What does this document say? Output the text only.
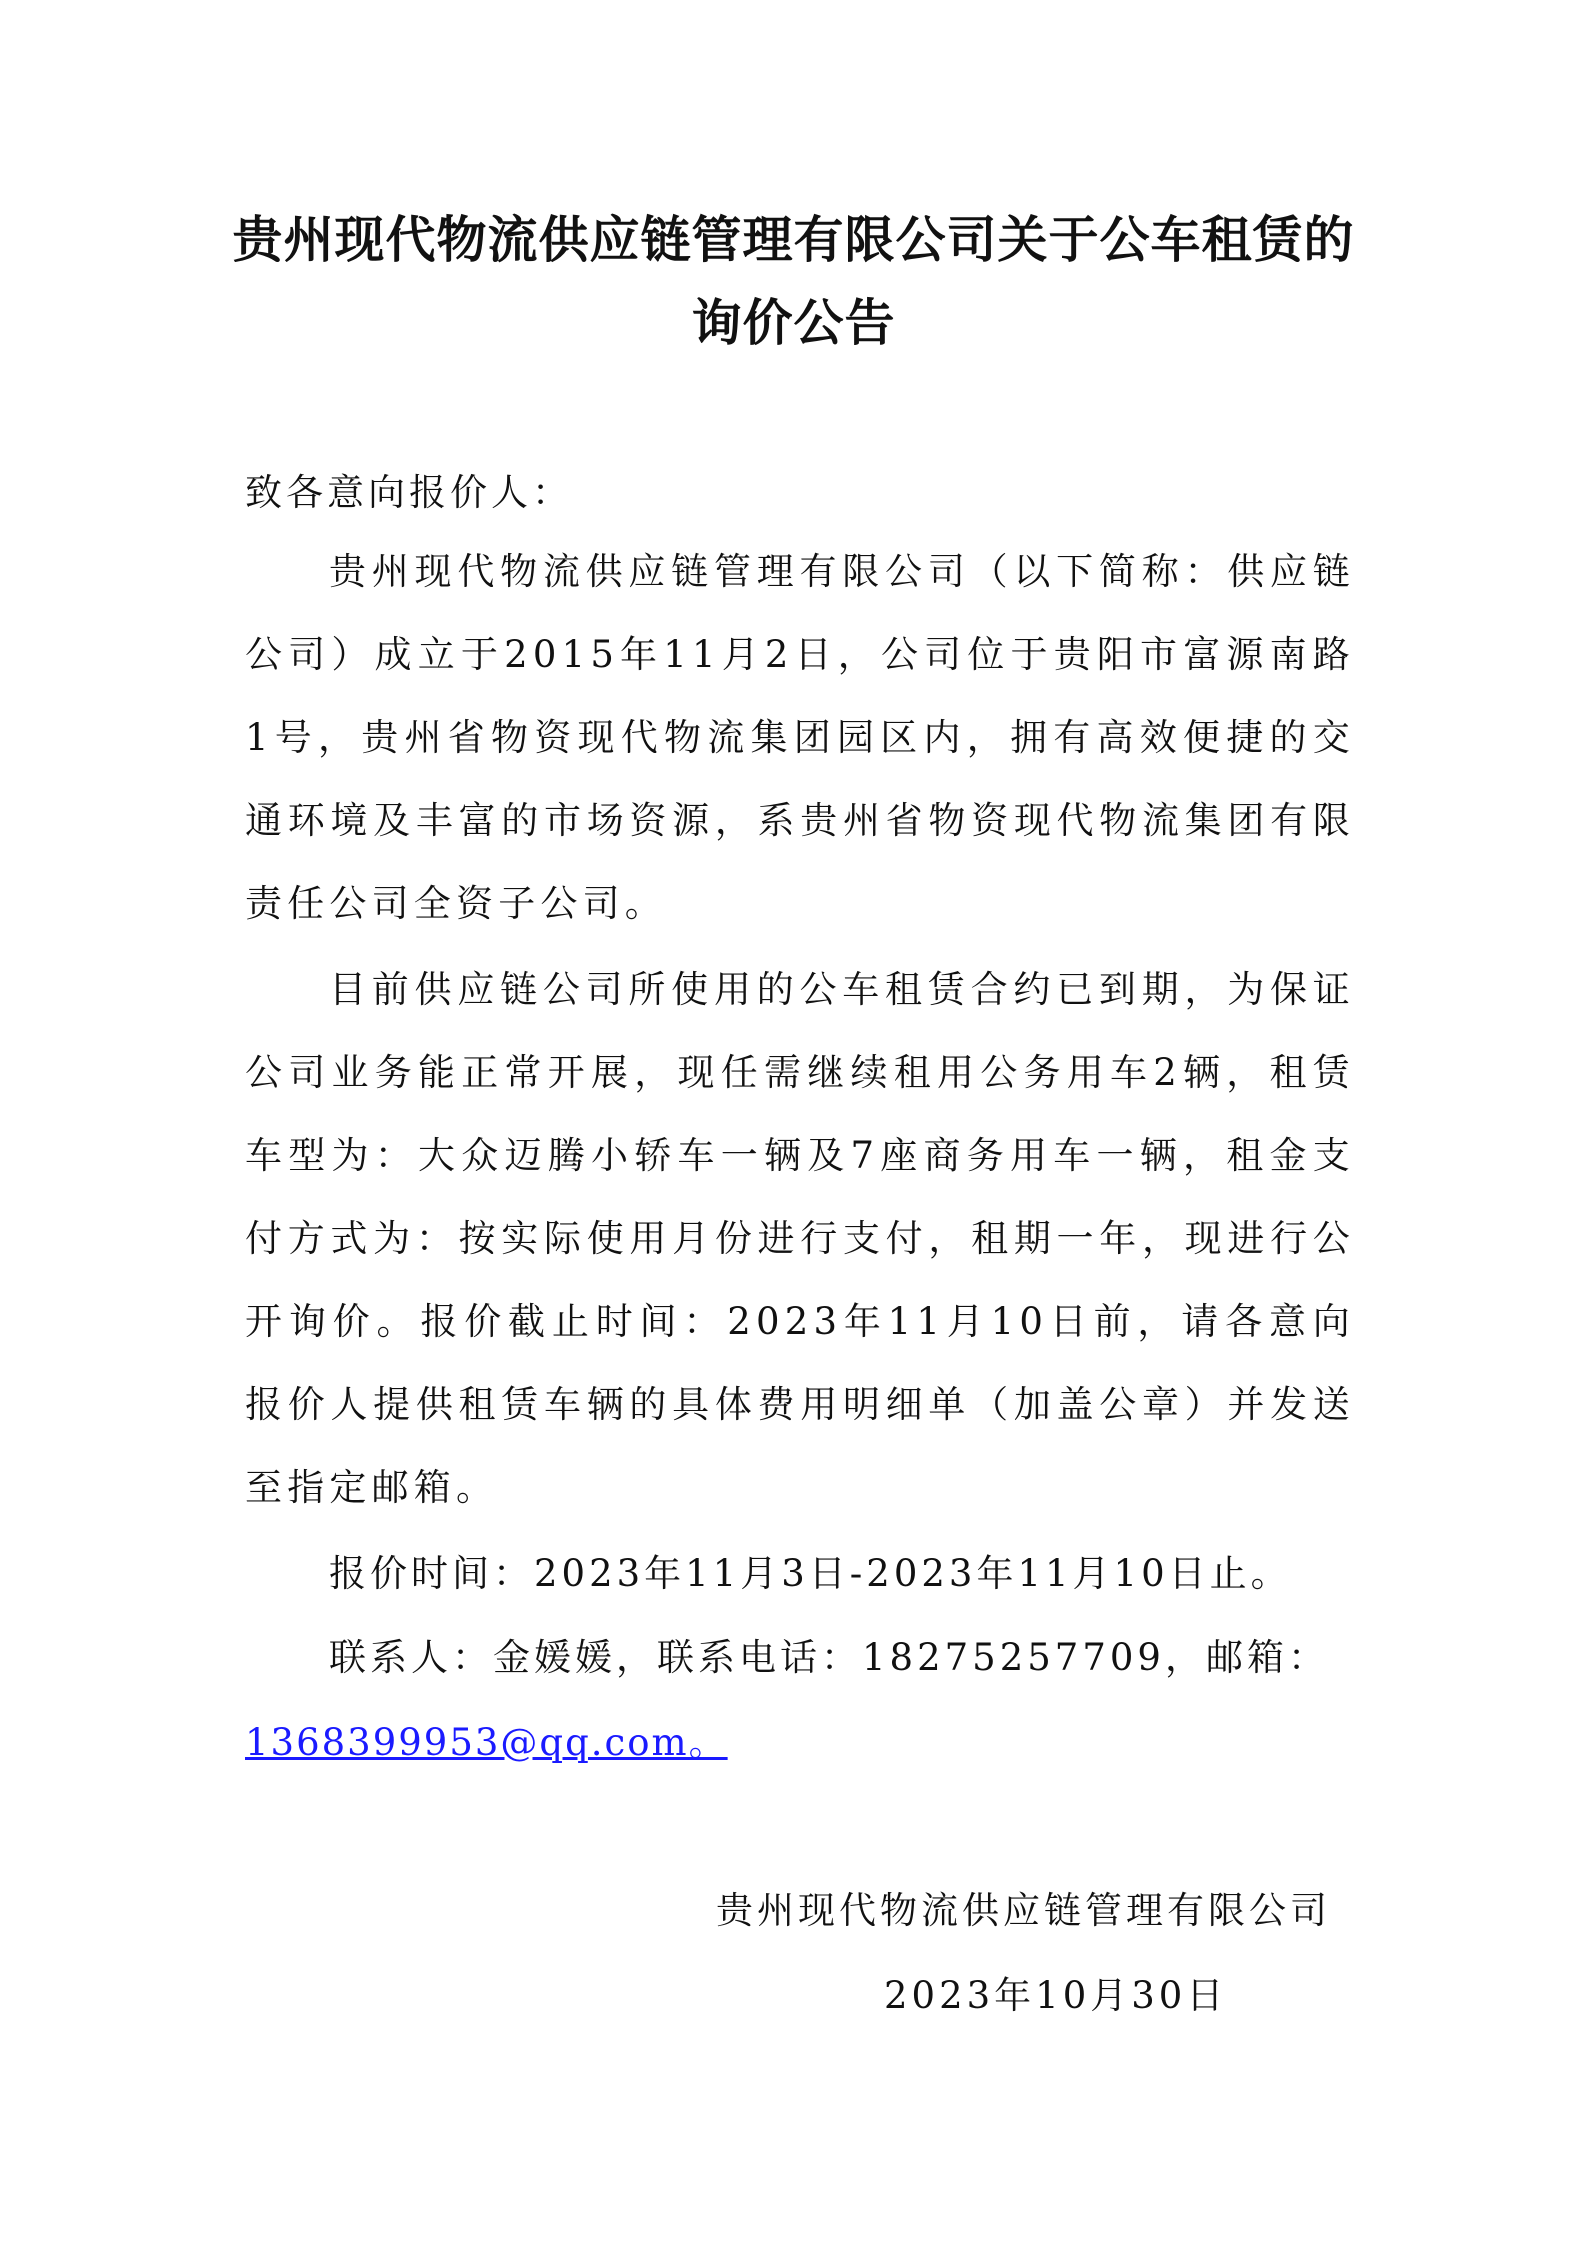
贵州现代物流供应链管理有限公司关于公车租赁的
询价公告
致各意向报价人：
贵州现代物流供应链管理有限公司（以下简称：供应链公司）成立于2015年11月2日，公司位于贵阳市富源南路1号，贵州省物资现代物流集团园区内，拥有高效便捷的交通环境及丰富的市场资源，系贵州省物资现代物流集团有限责任公司全资子公司。
目前供应链公司所使用的公车租赁合约已到期，为保证公司业务能正常开展，现任需继续租用公务用车2辆，租赁车型为：大众迈腾小轿车一辆及7座商务用车一辆，租金支付方式为：按实际使用月份进行支付，租期一年，现进行公开询价。报价截止时间：2023年11月10日前，请各意向报价人提供租赁车辆的具体费用明细单（加盖公章）并发送至指定邮箱。
报价时间：2023年11月3日-2023年11月10日止。
联系人：金媛媛，联系电话：18275257709，邮箱：
1368399953@qq.com。
贵州现代物流供应链管理有限公司
2023年10月30日
